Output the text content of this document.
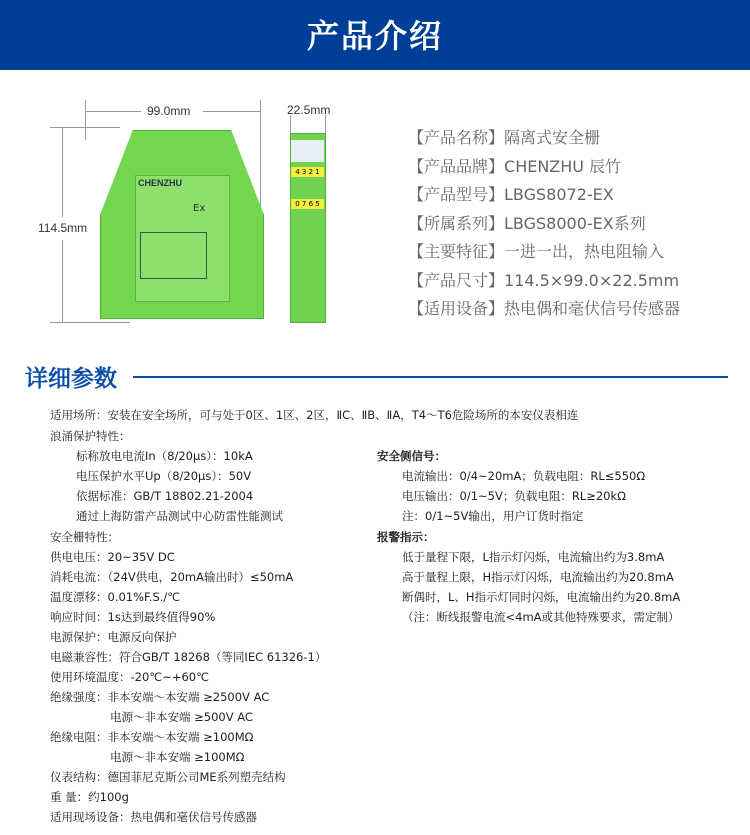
产品介绍
99.0mm
114.5mm
CHENZHU
Ex
22.5mm
4 3 2 1
0 7 6 5
【产品名称】隔离式安全栅
【产品品牌】CHENZHU 辰竹
【产品型号】LBGS8072-EX
【所属系列】LBGS8000-EX系列
【主要特征】一进一出，热电阻输入
【产品尺寸】114.5×99.0×22.5mm
【适用设备】热电偶和毫伏信号传感器
详细参数
适用场所：安装在安全场所，可与处于0区、1区、2区，ⅡC、ⅡB、ⅡA，T4～T6危险场所的本安仪表相连
浪涌保护特性：
标称放电电流In（8/20μs）：10kA
电压保护水平Up（8/20μs）：50V
依据标准：GB/T 18802.21-2004
通过上海防雷产品测试中心防雷性能测试
安全栅特性：
供电电压：20~35V DC
消耗电流：（24V供电，20mA输出时）≤50mA
温度漂移：0.01%F.S./℃
响应时间：1s达到最终值得90%
电源保护：电源反向保护
电磁兼容性：符合GB/T 18268（等同IEC 61326-1）
使用环境温度：-20℃~+60℃
绝缘强度：非本安端～本安端 ≥2500V AC
电源～非本安端 ≥500V AC
绝缘电阻：非本安端～本安端 ≥100MΩ
电源～非本安端 ≥100MΩ
仪表结构：德国菲尼克斯公司ME系列塑壳结构
重 量：约100g
适用现场设备：热电偶和毫伏信号传感器
安全侧信号：
电流输出：0/4~20mA；负载电阻：RL≤550Ω
电压输出：0/1~5V；负载电阻：RL≥20kΩ
注：0/1~5V输出，用户订货时指定
报警指示：
低于量程下限，L指示灯闪烁，电流输出约为3.8mA
高于量程上限，H指示灯闪烁，电流输出约为20.8mA
断偶时，L、H指示灯同时闪烁，电流输出约为20.8mA
（注：断线报警电流<4mA或其他特殊要求，需定制）
